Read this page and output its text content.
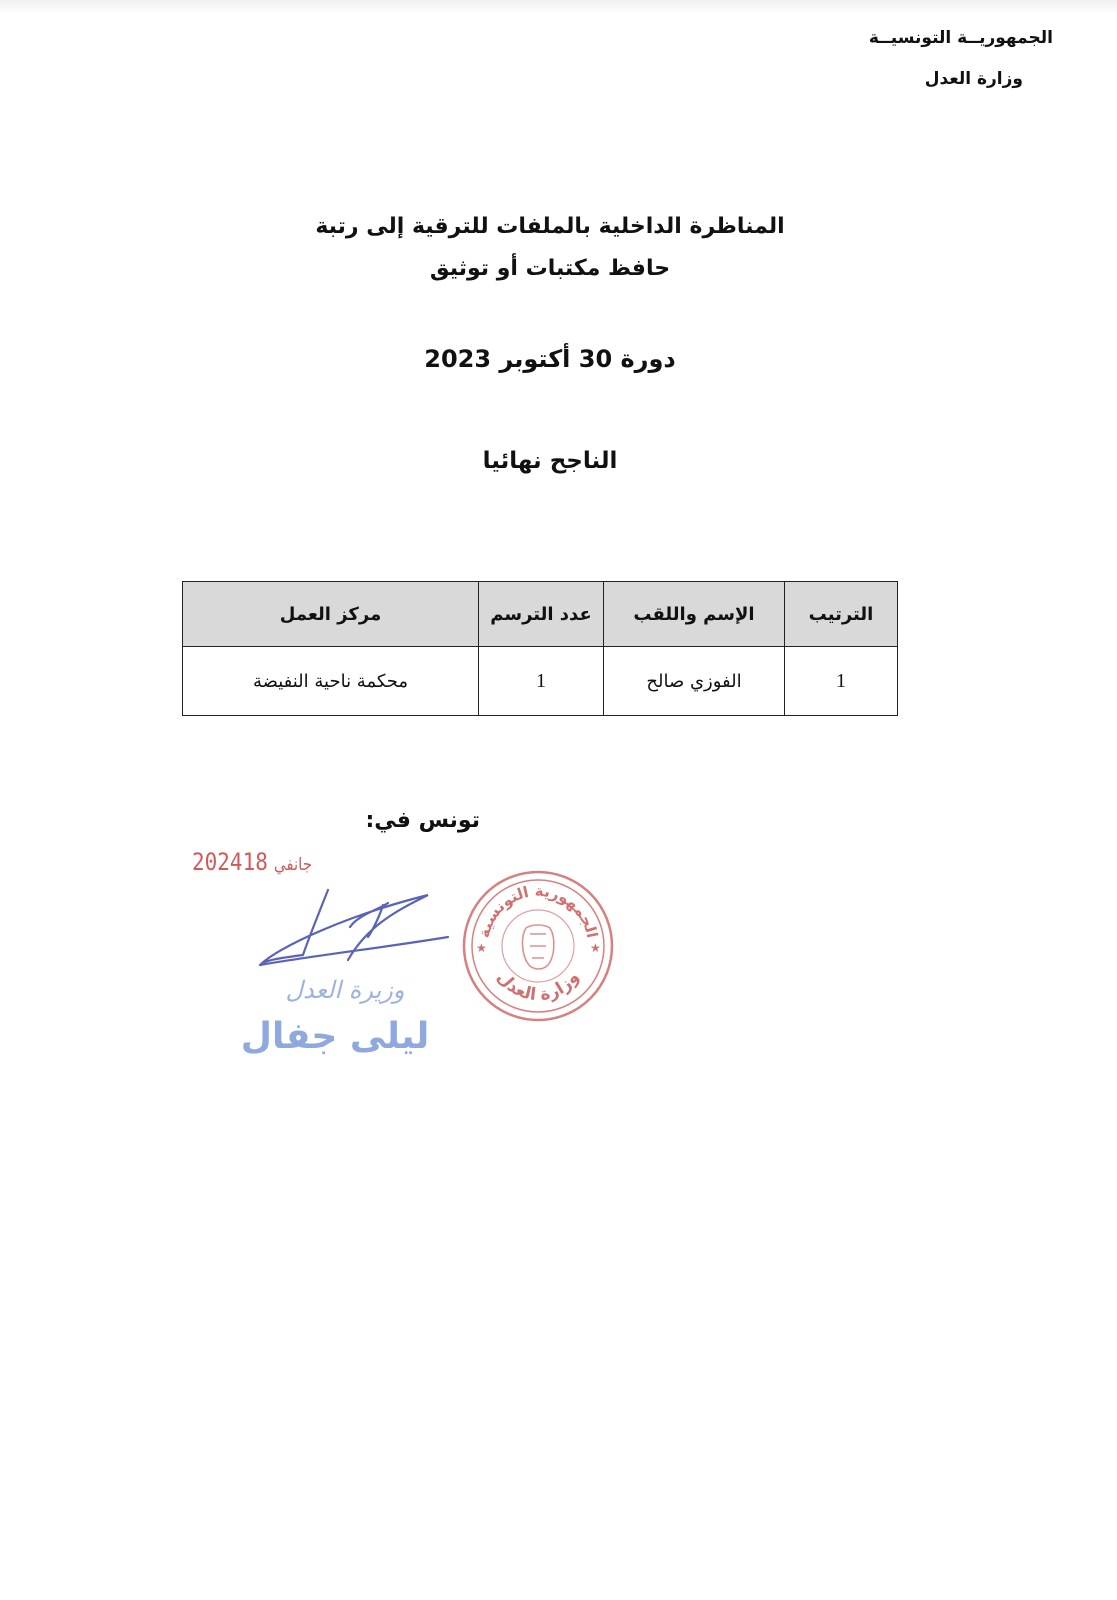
الجمهوريــة التونسيــة
وزارة العدل
المناظرة الداخلية بالملفات للترقية إلى رتبة
حافظ مكتبات أو توثيق
دورة 30 أكتوبر 2023
الناجح نهائيا
الترتيب	الإسم واللقب	عدد الترسم	مركز العمل
1	الفوزي صالح	1	محكمة ناحية النفيضة
تونس في:
2024 جانفي18
الجمهورية التونسية
وزارة العدل
★	★
وزيرة العدل
ليلى جفال
